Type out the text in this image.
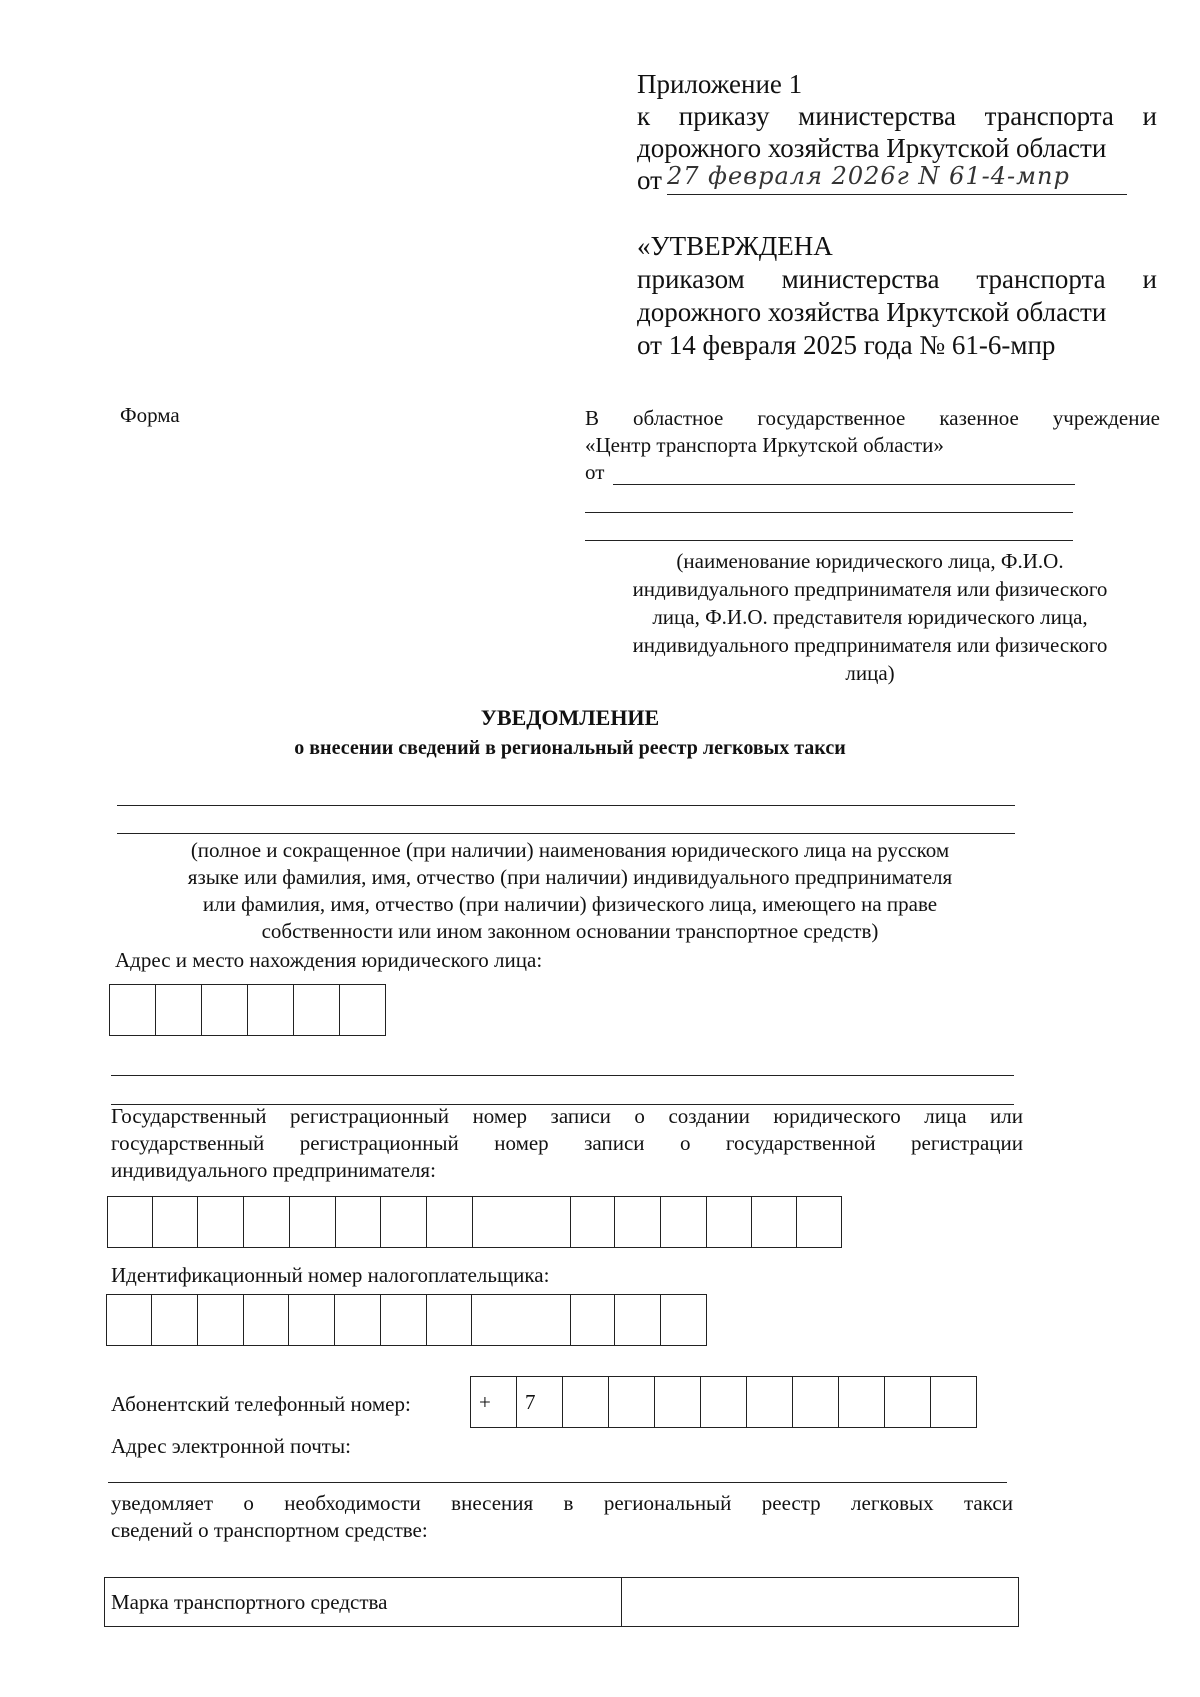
Приложение 1
к приказу министерства транспорта и
дорожного хозяйства Иркутской области
от 27 февраля 2026г N 61-4-мпр
«УТВЕРЖДЕНА
приказом министерства транспорта и
дорожного хозяйства Иркутской области
от 14 февраля 2025 года № 61-6-мпр
Форма	В областное государственное казенное учреждение
«Центр транспорта Иркутской области»
от
(наименование юридического лица, Ф.И.О.
индивидуального предпринимателя или физического
лица, Ф.И.О. представителя юридического лица,
индивидуального предпринимателя или физического
лица)
УВЕДОМЛЕНИЕ
о внесении сведений в региональный реестр легковых такси
(полное и сокращенное (при наличии) наименования юридического лица на русском
языке или фамилия, имя, отчество (при наличии) индивидуального предпринимателя
или фамилия, имя, отчество (при наличии) физического лица, имеющего на праве
собственности или ином законном основании транспортное средств)
Адрес и место нахождения юридического лица:
Государственный регистрационный номер записи о создании юридического лица или
государственный регистрационный номер записи о государственной регистрации
индивидуального предпринимателя:
Идентификационный номер налогоплательщика:
Абонентский телефонный номер:	+	7
Адрес электронной почты:
уведомляет о необходимости внесения в региональный реестр легковых такси
сведений о транспортном средстве:
Марка транспортного средства
